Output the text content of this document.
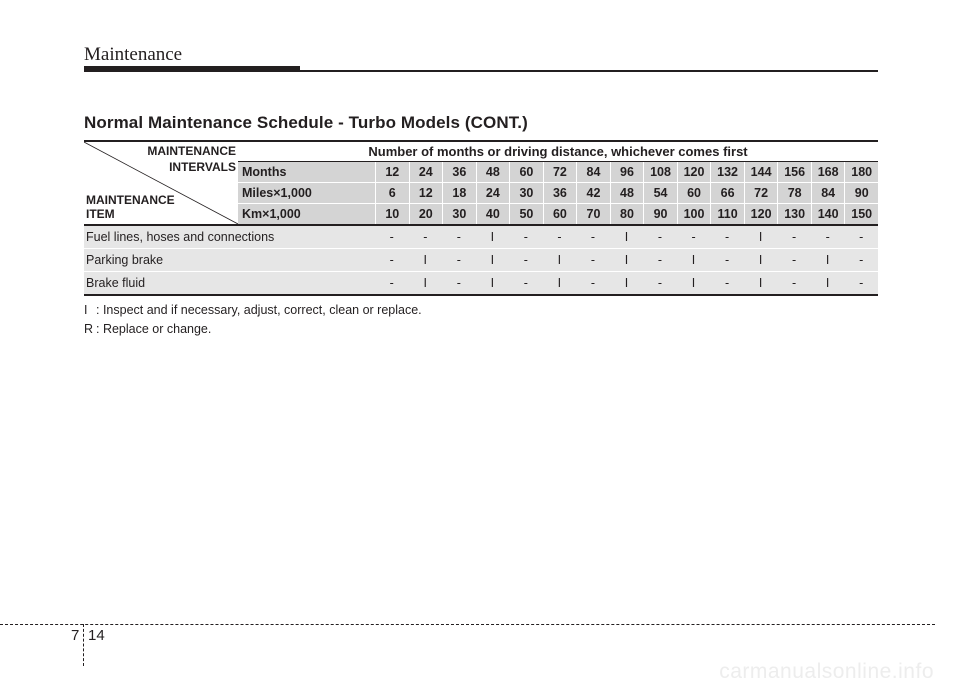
Maintenance
Normal Maintenance Schedule - Turbo Models (CONT.)
MAINTENANCE
INTERVALS
MAINTENANCE
ITEM
Number of months or driving distance, whichever comes first
Months	12	24	36	48	60	72	84	96	108	120	132	144	156	168	180
Miles×1,000	6	12	18	24	30	36	42	48	54	60	66	72	78	84	90
Km×1,000	10	20	30	40	50	60	70	80	90	100	110	120	130	140	150
Fuel lines, hoses and connections	-	-	-	I	-	-	-	I	-	-	-	I	-	-	-
Parking brake	-	I	-	I	-	I	-	I	-	I	-	I	-	I	-
Brake fluid	-	I	-	I	-	I	-	I	-	I	-	I	-	I	-
I : Inspect and if necessary, adjust, correct, clean or replace.
R : Replace or change.
7 14
carmanualsonline.info
